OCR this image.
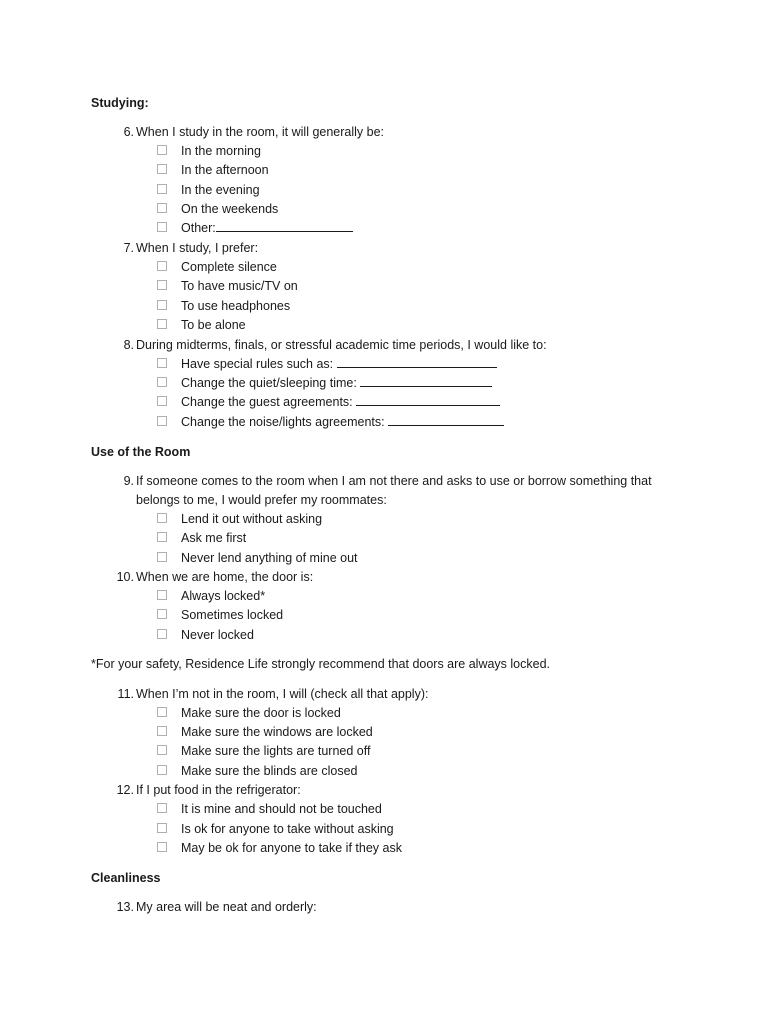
Studying:
6. When I study in the room, it will generally be:
In the morning
In the afternoon
In the evening
On the weekends
Other:
7. When I study, I prefer:
Complete silence
To have music/TV on
To use headphones
To be alone
8. During midterms, finals, or stressful academic time periods, I would like to:
Have special rules such as:
Change the quiet/sleeping time:
Change the guest agreements:
Change the noise/lights agreements:
Use of the Room
9. If someone comes to the room when I am not there and asks to use or borrow something that belongs to me, I would prefer my roommates:
Lend it out without asking
Ask me first
Never lend anything of mine out
10. When we are home, the door is:
Always locked*
Sometimes locked
Never locked
*For your safety, Residence Life strongly recommend that doors are always locked.
11. When I’m not in the room, I will (check all that apply):
Make sure the door is locked
Make sure the windows are locked
Make sure the lights are turned off
Make sure the blinds are closed
12. If I put food in the refrigerator:
It is mine and should not be touched
Is ok for anyone to take without asking
May be ok for anyone to take if they ask
Cleanliness
13. My area will be neat and orderly:
